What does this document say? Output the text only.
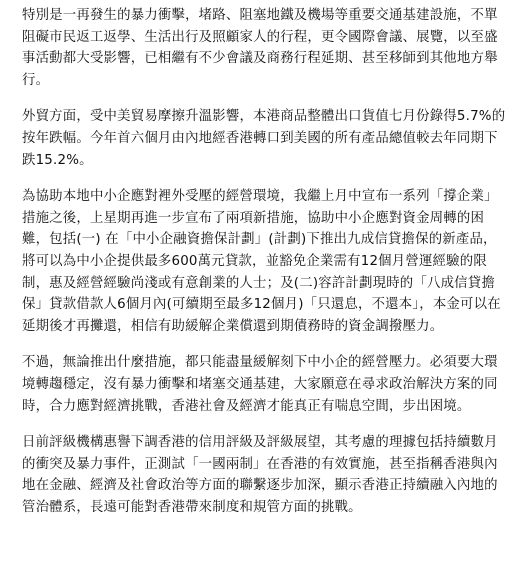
特別是一再發生的暴力衝擊，堵路、阻塞地鐵及機場等重要交通基建設施，不單阻礙市民返工返學、生活出行及照顧家人的行程，更令國際會議、展覽，以至盛事活動都大受影響，已相繼有不少會議及商務行程延期、甚至移師到其他地方舉行。

外貿方面，受中美貿易摩擦升溫影響，本港商品整體出口貨值七月份錄得5.7%的按年跌幅。今年首六個月由內地經香港轉口到美國的所有產品總值較去年同期下跌15.2%。

為協助本地中小企應對裡外受壓的經營環境，我繼上月中宣布一系列「撐企業」措施之後，上星期再進一步宣布了兩項新措施，協助中小企應對資金周轉的困難，包括(一) 在「中小企融資擔保計劃」(計劃)下推出九成信貸擔保的新產品，將可以為中小企提供最多600萬元貸款，並豁免企業需有12個月營運經驗的限制，惠及經營經驗尚淺或有意創業的人士；及(二)容許計劃現時的「八成信貸擔保」貸款借款人6個月內(可續期至最多12個月)「只還息，不還本」，本金可以在延期後才再攤還，相信有助緩解企業償還到期債務時的資金調撥壓力。

不過，無論推出什麼措施，都只能盡量緩解刻下中小企的經營壓力。必須要大環境轉趨穩定，沒有暴力衝擊和堵塞交通基建，大家願意在尋求政治解決方案的同時，合力應對經濟挑戰，香港社會及經濟才能真正有喘息空間，步出困境。

日前評級機構惠譽下調香港的信用評級及評級展望，其考慮的理據包括持續數月的衝突及暴力事件，正測試「一國兩制」在香港的有效實施，甚至指稱香港與內地在金融、經濟及社會政治等方面的聯繫逐步加深，顯示香港正持續融入內地的管治體系，長遠可能對香港帶來制度和規管方面的挑戰。
